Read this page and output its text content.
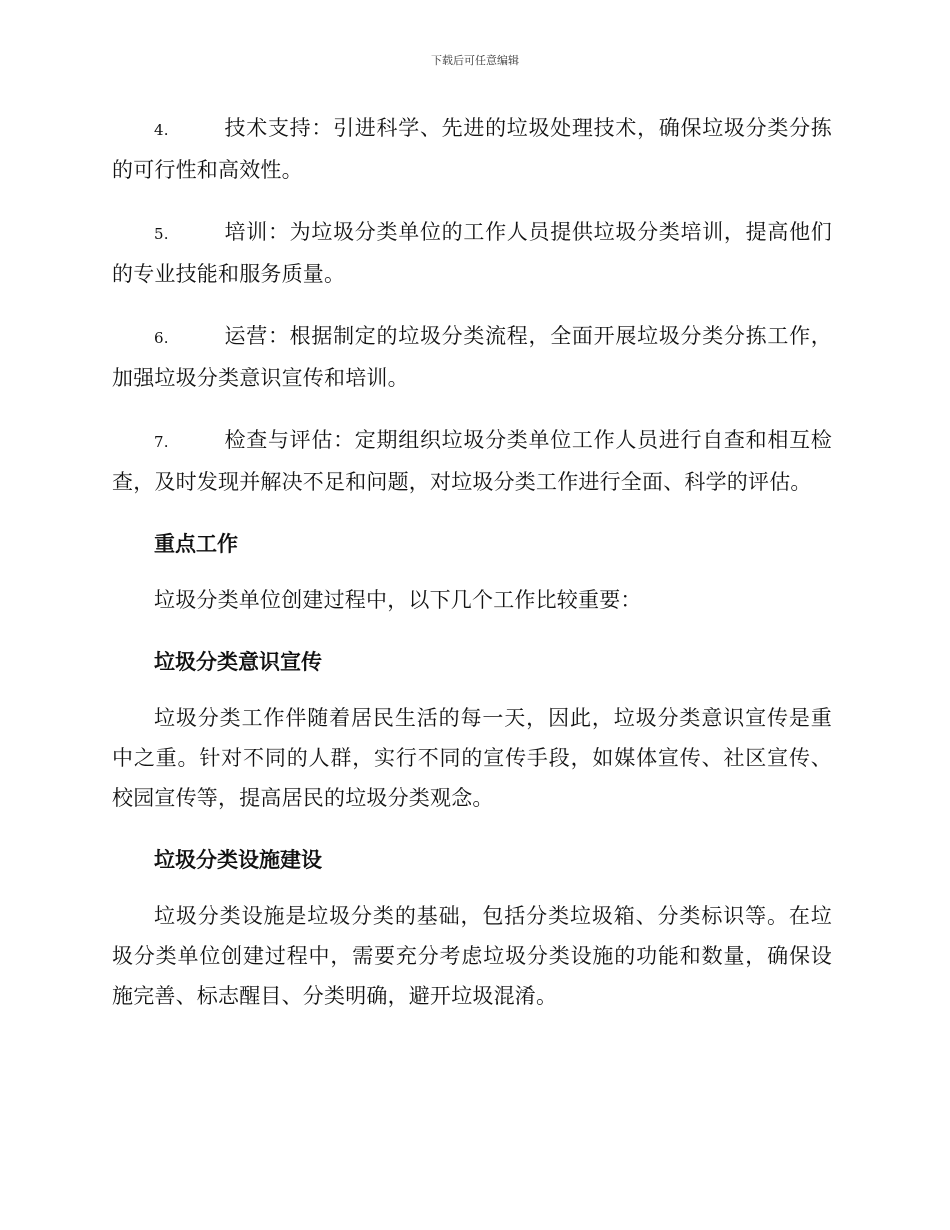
下载后可任意编辑

4.	技术支持：引进科学、先进的垃圾处理技术，确保垃圾分类分拣的可行性和高效性。

5.	培训：为垃圾分类单位的工作人员提供垃圾分类培训，提高他们的专业技能和服务质量。

6.	运营：根据制定的垃圾分类流程，全面开展垃圾分类分拣工作，加强垃圾分类意识宣传和培训。

7.	检查与评估：定期组织垃圾分类单位工作人员进行自查和相互检查，及时发现并解决不足和问题，对垃圾分类工作进行全面、科学的评估。

重点工作

垃圾分类单位创建过程中，以下几个工作比较重要：

垃圾分类意识宣传

垃圾分类工作伴随着居民生活的每一天，因此，垃圾分类意识宣传是重中之重。针对不同的人群，实行不同的宣传手段，如媒体宣传、社区宣传、校园宣传等，提高居民的垃圾分类观念。

垃圾分类设施建设

垃圾分类设施是垃圾分类的基础，包括分类垃圾箱、分类标识等。在垃圾分类单位创建过程中，需要充分考虑垃圾分类设施的功能和数量，确保设施完善、标志醒目、分类明确，避开垃圾混淆。
